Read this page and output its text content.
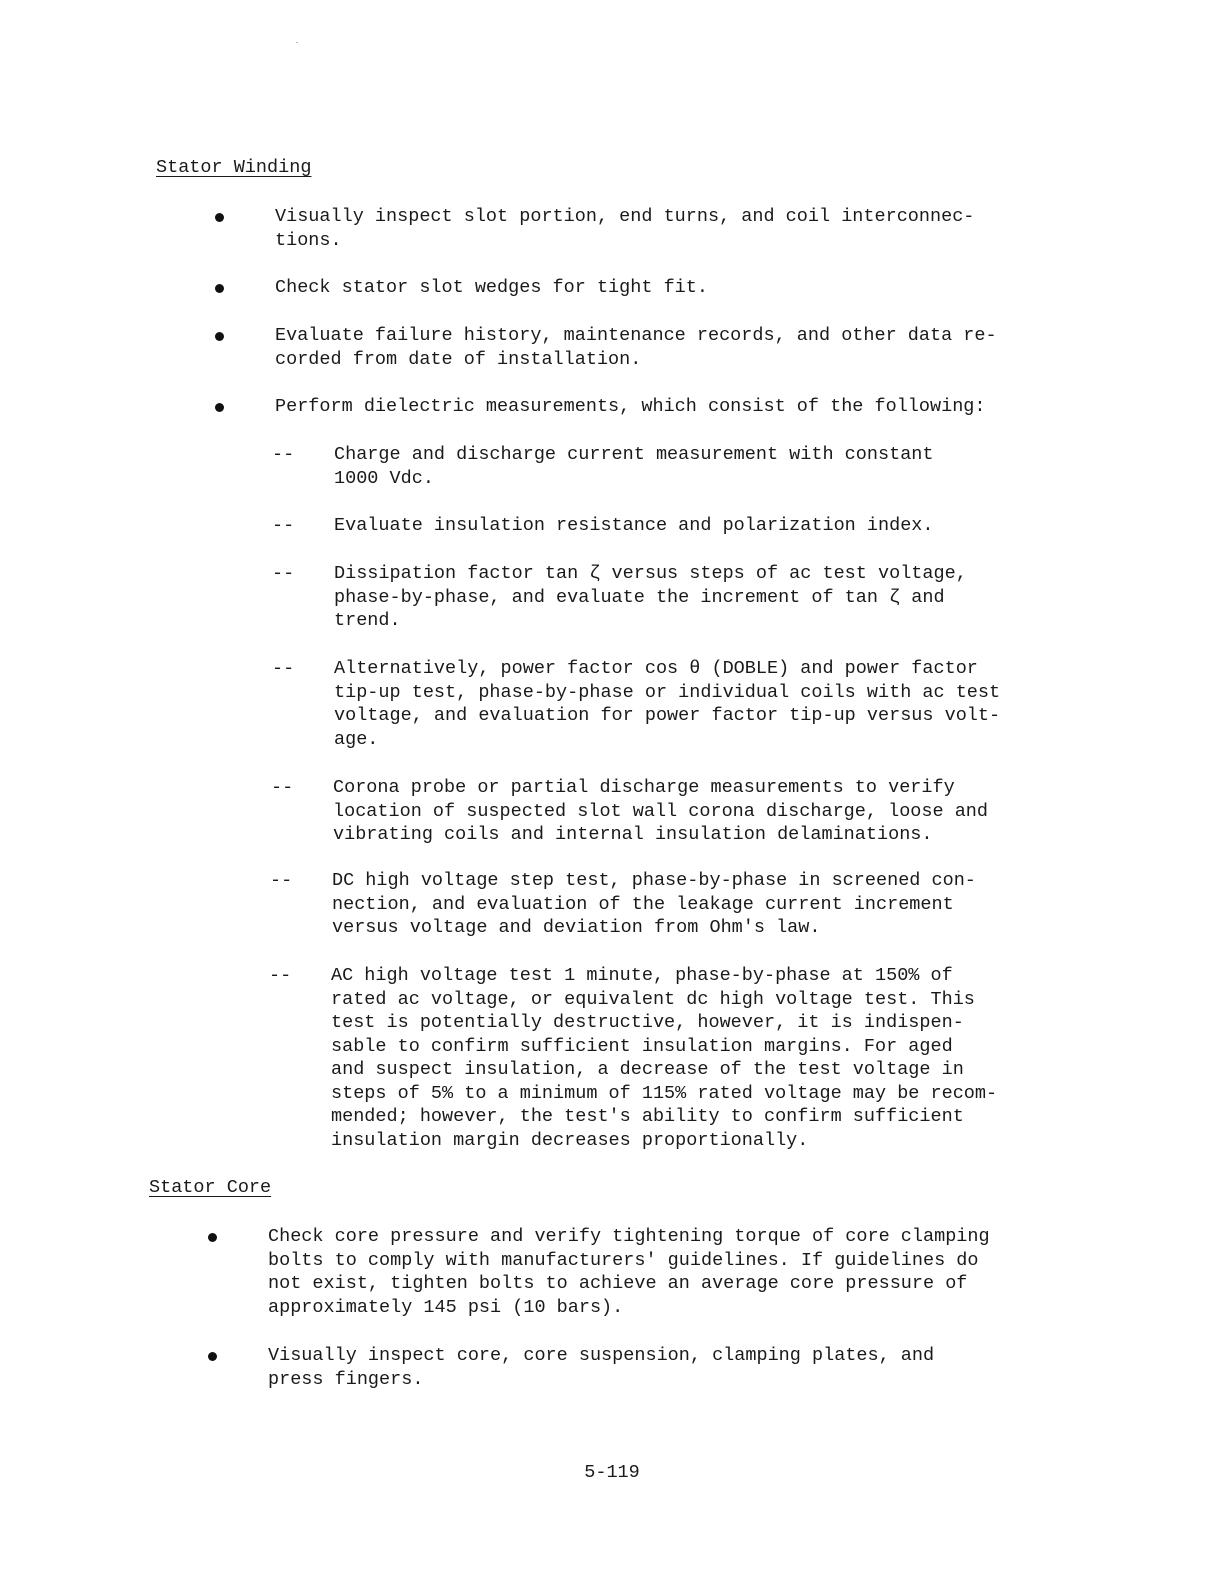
Stator Winding
Visually inspect slot portion, end turns, and coil interconnec-
tions.
Check stator slot wedges for tight fit.
Evaluate failure history, maintenance records, and other data re-
corded from date of installation.
Perform dielectric measurements, which consist of the following:
-- Charge and discharge current measurement with constant
1000 Vdc.
-- Evaluate insulation resistance and polarization index.
-- Dissipation factor tan ζ versus steps of ac test voltage,
phase-by-phase, and evaluate the increment of tan ζ and
trend.
-- Alternatively, power factor cos θ (DOBLE) and power factor
tip-up test, phase-by-phase or individual coils with ac test
voltage, and evaluation for power factor tip-up versus volt-
age.
-- Corona probe or partial discharge measurements to verify
location of suspected slot wall corona discharge, loose and
vibrating coils and internal insulation delaminations.
-- DC high voltage step test, phase-by-phase in screened con-
nection, and evaluation of the leakage current increment
versus voltage and deviation from Ohm's law.
-- AC high voltage test 1 minute, phase-by-phase at 150% of
rated ac voltage, or equivalent dc high voltage test. This
test is potentially destructive, however, it is indispen-
sable to confirm sufficient insulation margins. For aged
and suspect insulation, a decrease of the test voltage in
steps of 5% to a minimum of 115% rated voltage may be recom-
mended; however, the test's ability to confirm sufficient
insulation margin decreases proportionally.
Stator Core
Check core pressure and verify tightening torque of core clamping
bolts to comply with manufacturers' guidelines. If guidelines do
not exist, tighten bolts to achieve an average core pressure of
approximately 145 psi (10 bars).
Visually inspect core, core suspension, clamping plates, and
press fingers.
5-119
